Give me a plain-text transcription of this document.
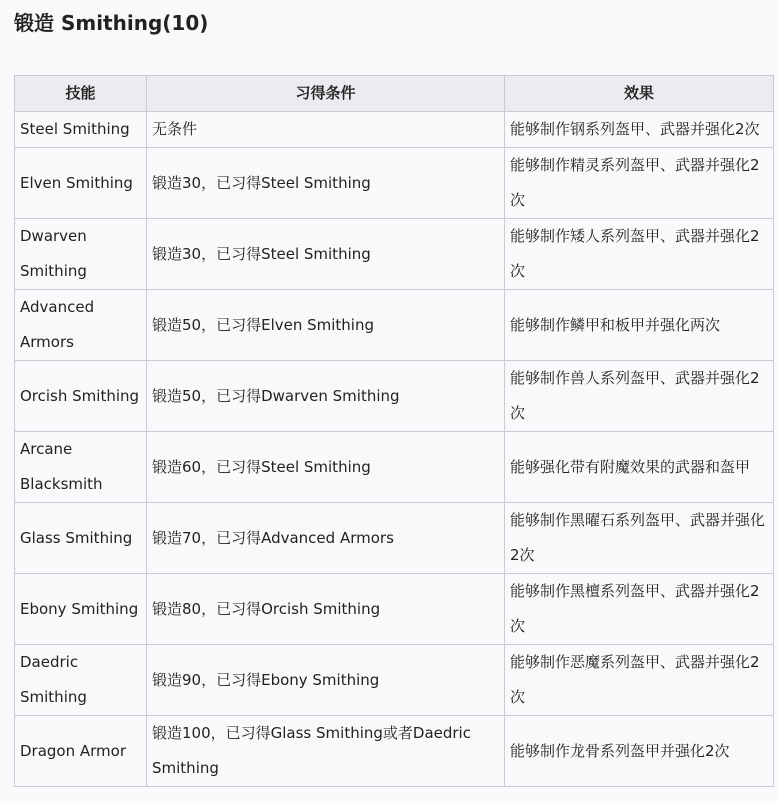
锻造 Smithing(10)
技能	习得条件	效果
Steel Smithing	无条件	能够制作钢系列盔甲、武器并强化2次
Elven Smithing	锻造30，已习得Steel Smithing	能够制作精灵系列盔甲、武器并强化2次
Dwarven Smithing	锻造30，已习得Steel Smithing	能够制作矮人系列盔甲、武器并强化2次
Advanced Armors	锻造50，已习得Elven Smithing	能够制作鳞甲和板甲并强化两次
Orcish Smithing	锻造50，已习得Dwarven Smithing	能够制作兽人系列盔甲、武器并强化2次
Arcane Blacksmith	锻造60，已习得Steel Smithing	能够强化带有附魔效果的武器和盔甲
Glass Smithing	锻造70，已习得Advanced Armors	能够制作黑曜石系列盔甲、武器并强化2次
Ebony Smithing	锻造80，已习得Orcish Smithing	能够制作黑檀系列盔甲、武器并强化2次
Daedric Smithing	锻造90，已习得Ebony Smithing	能够制作恶魔系列盔甲、武器并强化2次
Dragon Armor	锻造100，已习得Glass Smithing或者Daedric Smithing	能够制作龙骨系列盔甲并强化2次
